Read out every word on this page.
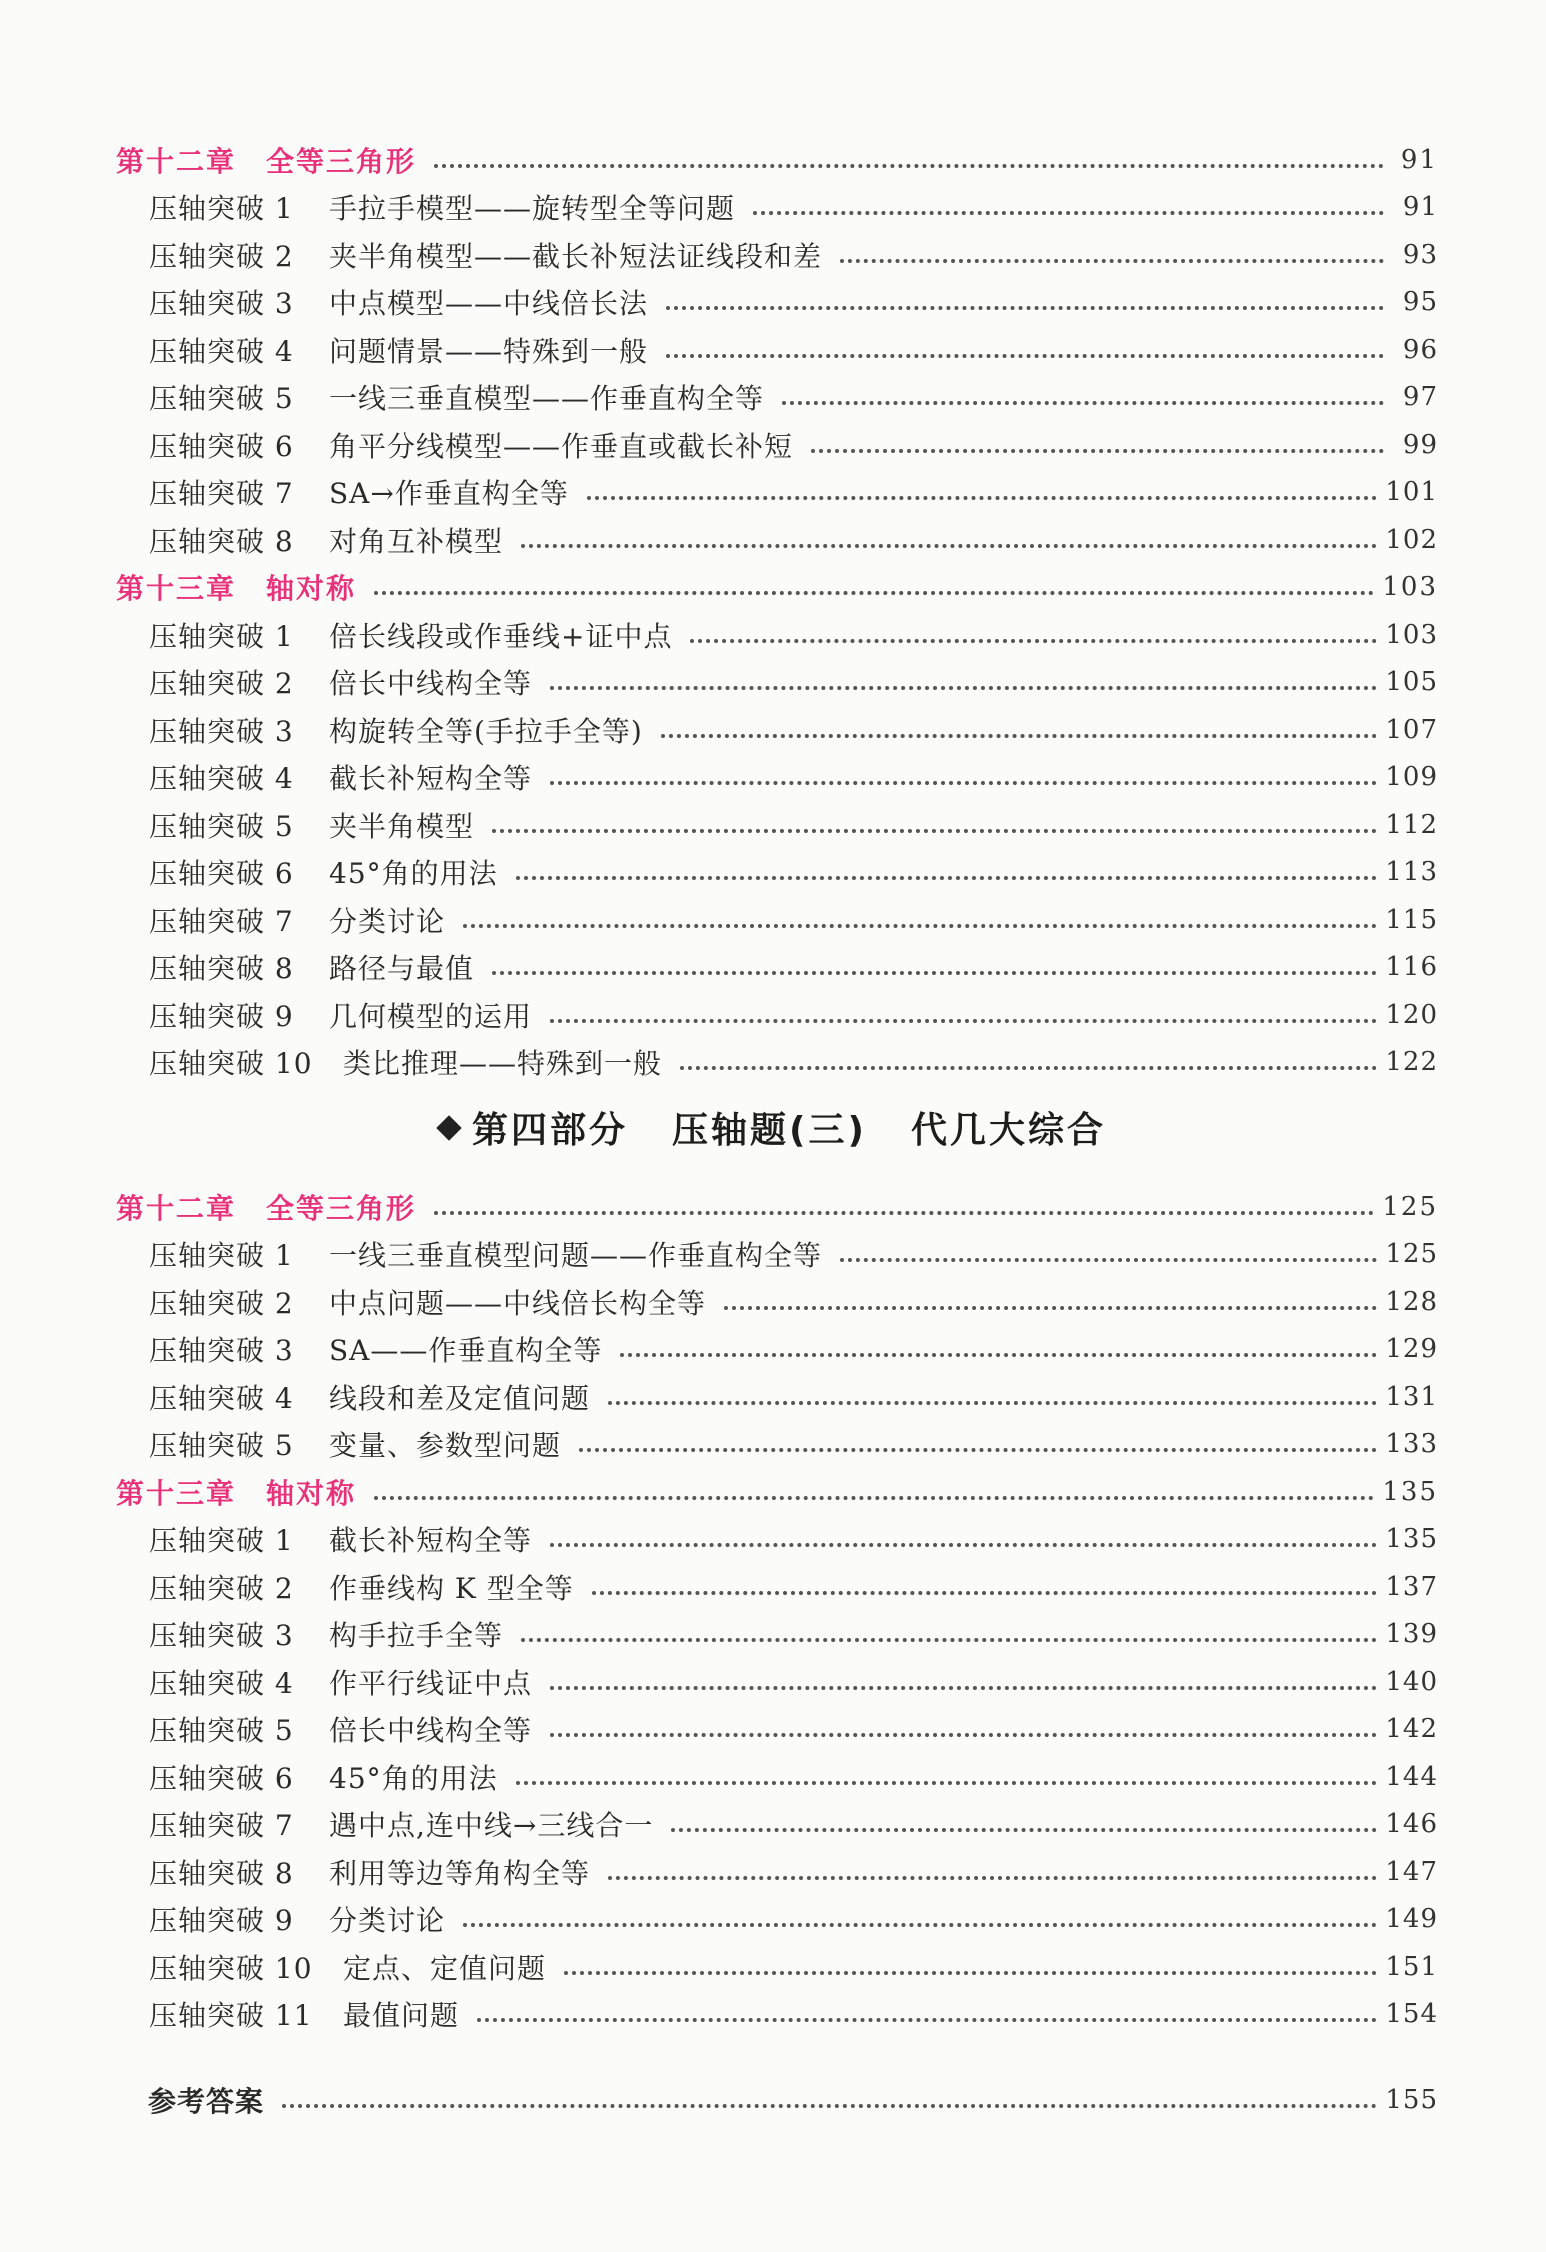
第十二章 全等三角形	91
压轴突破 1	手拉手模型——旋转型全等问题	91
压轴突破 2	夹半角模型——截长补短法证线段和差	93
压轴突破 3	中点模型——中线倍长法	95
压轴突破 4	问题情景——特殊到一般	96
压轴突破 5	一线三垂直模型——作垂直构全等	97
压轴突破 6	角平分线模型——作垂直或截长补短	99
压轴突破 7	SA→作垂直构全等	101
压轴突破 8	对角互补模型	102
第十三章 轴对称	103
压轴突破 1	倍长线段或作垂线+证中点	103
压轴突破 2	倍长中线构全等	105
压轴突破 3	构旋转全等(手拉手全等)	107
压轴突破 4	截长补短构全等	109
压轴突破 5	夹半角模型	112
压轴突破 6	45°角的用法	113
压轴突破 7	分类讨论	115
压轴突破 8	路径与最值	116
压轴突破 9	几何模型的运用	120
压轴突破 10	类比推理——特殊到一般	122
第四部分 压轴题(三) 代几大综合
第十二章 全等三角形	125
压轴突破 1	一线三垂直模型问题——作垂直构全等	125
压轴突破 2	中点问题——中线倍长构全等	128
压轴突破 3	SA——作垂直构全等	129
压轴突破 4	线段和差及定值问题	131
压轴突破 5	变量、参数型问题	133
第十三章 轴对称	135
压轴突破 1	截长补短构全等	135
压轴突破 2	作垂线构 K 型全等	137
压轴突破 3	构手拉手全等	139
压轴突破 4	作平行线证中点	140
压轴突破 5	倍长中线构全等	142
压轴突破 6	45°角的用法	144
压轴突破 7	遇中点,连中线→三线合一	146
压轴突破 8	利用等边等角构全等	147
压轴突破 9	分类讨论	149
压轴突破 10	定点、定值问题	151
压轴突破 11	最值问题	154
参考答案	155
